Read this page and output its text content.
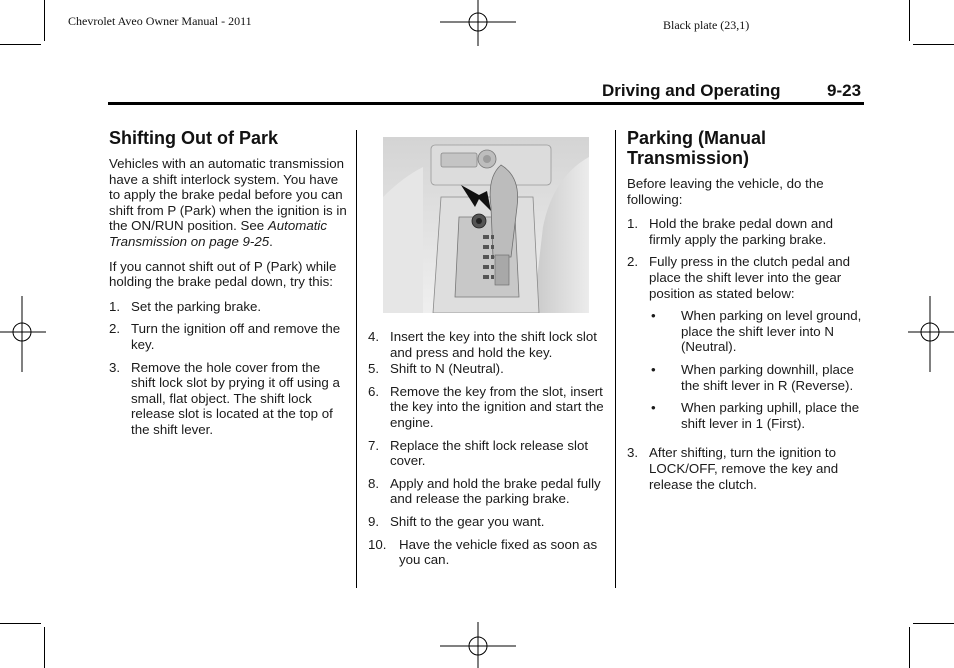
Chevrolet Aveo Owner Manual - 2011	Black plate (23,1)
Driving and Operating	9-23
Shifting Out of Park

Vehicles with an automatic transmission have a shift interlock system. You have to apply the brake pedal before you can shift from P (Park) when the ignition is in the ON/RUN position. See Automatic Transmission on page 9-25.

If you cannot shift out of P (Park) while holding the brake pedal down, try this:

1. Set the parking brake.
2. Turn the ignition off and remove the key.
3. Remove the hole cover from the shift lock slot by prying it off using a small, flat object. The shift lock release slot is located at the top of the shift lever.
4. Insert the key into the shift lock slot and press and hold the key.
5. Shift to N (Neutral).
6. Remove the key from the slot, insert the key into the ignition and start the engine.
7. Replace the shift lock release slot cover.
8. Apply and hold the brake pedal fully and release the parking brake.
9. Shift to the gear you want.
10. Have the vehicle fixed as soon as you can.
Parking (Manual
Transmission)

Before leaving the vehicle, do the following:

1. Hold the brake pedal down and firmly apply the parking brake.
2. Fully press in the clutch pedal and place the shift lever into the gear position as stated below:
•	When parking on level ground, place the shift lever into N (Neutral).
•	When parking downhill, place the shift lever in R (Reverse).
•	When parking uphill, place the shift lever in 1 (First).
3. After shifting, turn the ignition to LOCK/OFF, remove the key and release the clutch.
